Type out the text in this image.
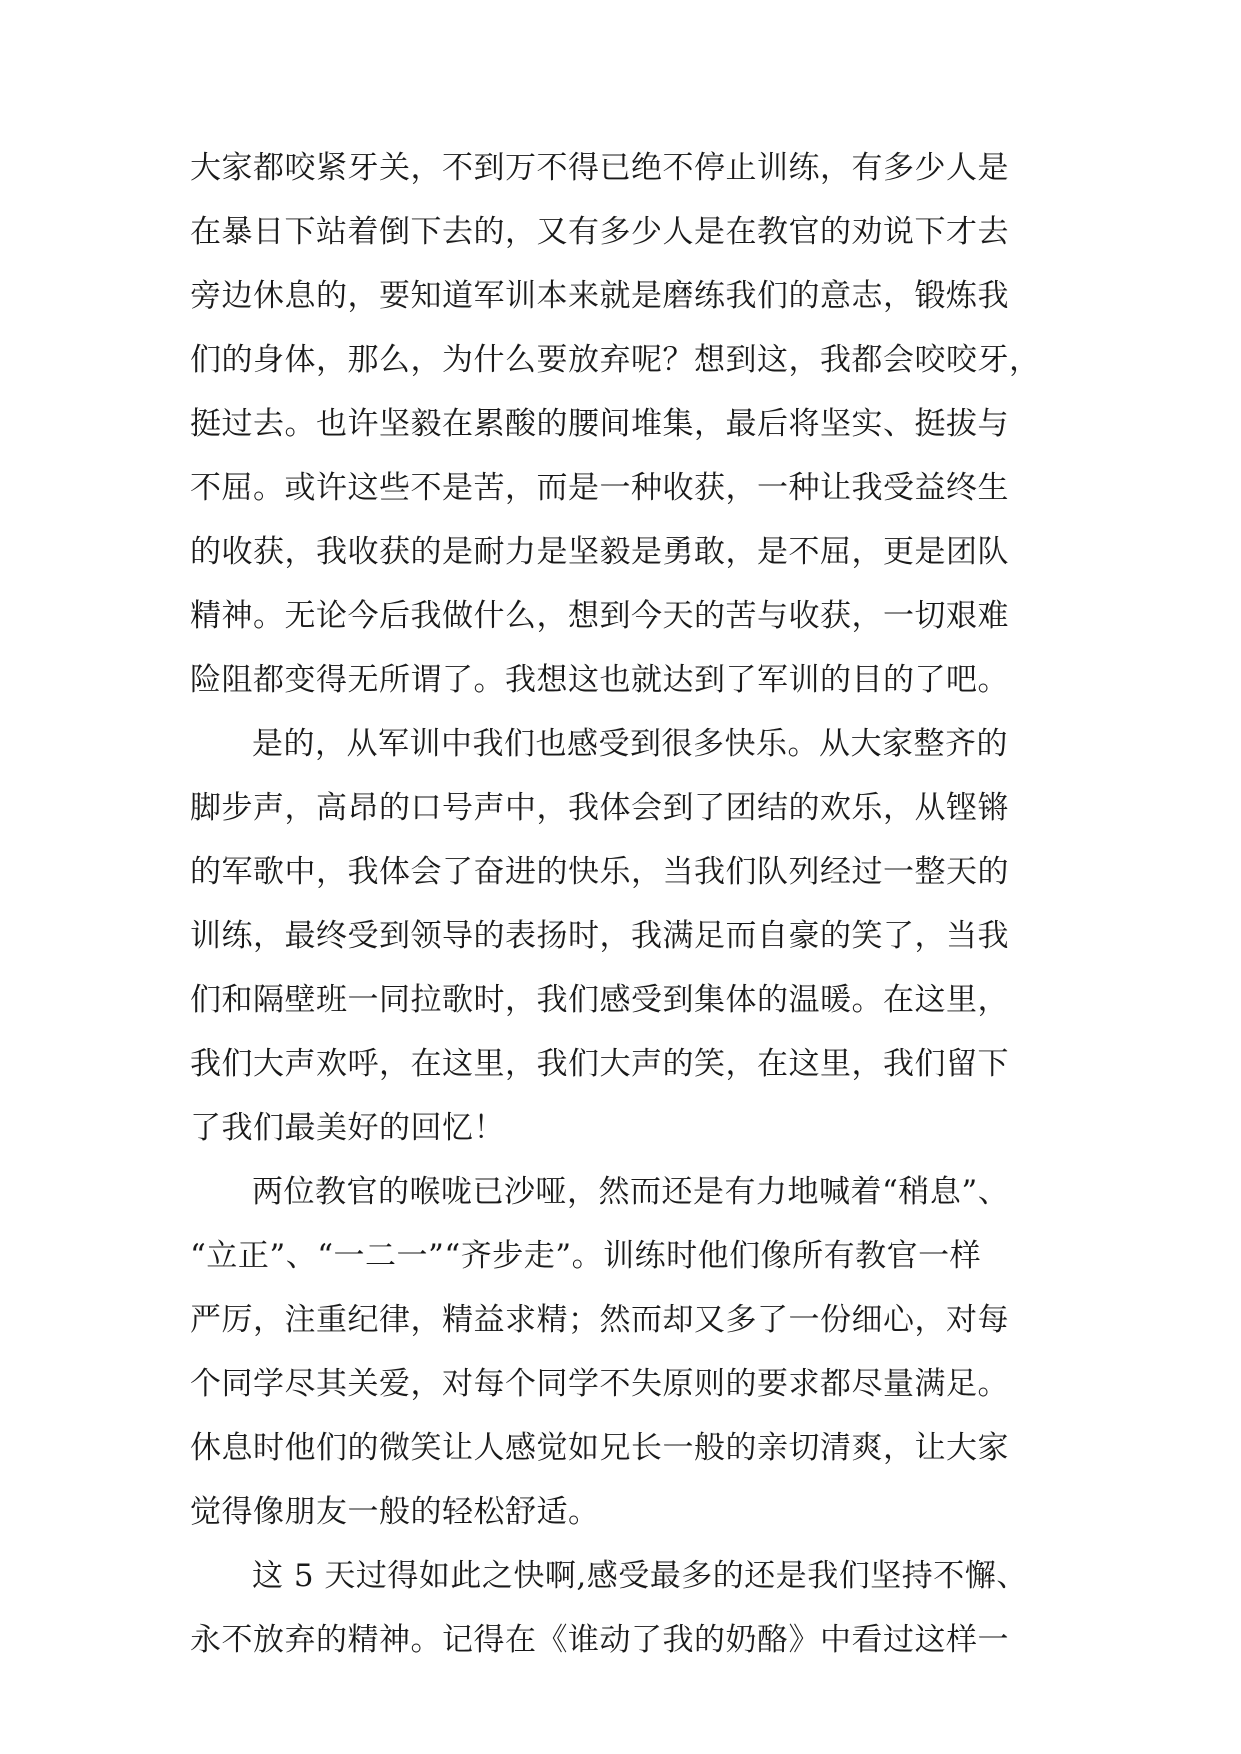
大家都咬紧牙关，不到万不得已绝不停止训练，有多少人是
在暴日下站着倒下去的，又有多少人是在教官的劝说下才去
旁边休息的，要知道军训本来就是磨练我们的意志，锻炼我
们的身体，那么，为什么要放弃呢？想到这，我都会咬咬牙，
挺过去。也许坚毅在累酸的腰间堆集，最后将坚实、挺拔与
不屈。或许这些不是苦，而是一种收获，一种让我受益终生
的收获，我收获的是耐力是坚毅是勇敢，是不屈，更是团队
精神。无论今后我做什么，想到今天的苦与收获，一切艰难
险阻都变得无所谓了。我想这也就达到了军训的目的了吧。
是的，从军训中我们也感受到很多快乐。从大家整齐的
脚步声，高昂的口号声中，我体会到了团结的欢乐，从铿锵
的军歌中，我体会了奋进的快乐，当我们队列经过一整天的
训练，最终受到领导的表扬时，我满足而自豪的笑了，当我
们和隔壁班一同拉歌时，我们感受到集体的温暖。在这里，
我们大声欢呼，在这里，我们大声的笑，在这里，我们留下
了我们最美好的回忆！
两位教官的喉咙已沙哑，然而还是有力地喊着“稍息”、
“立正”、“一二一”“齐步走”。训练时他们像所有教官一样
严厉，注重纪律，精益求精；然而却又多了一份细心，对每
个同学尽其关爱，对每个同学不失原则的要求都尽量满足。
休息时他们的微笑让人感觉如兄长一般的亲切清爽，让大家
觉得像朋友一般的轻松舒适。
这 5 天过得如此之快啊,感受最多的还是我们坚持不懈、
永不放弃的精神。记得在《谁动了我的奶酪》中看过这样一
